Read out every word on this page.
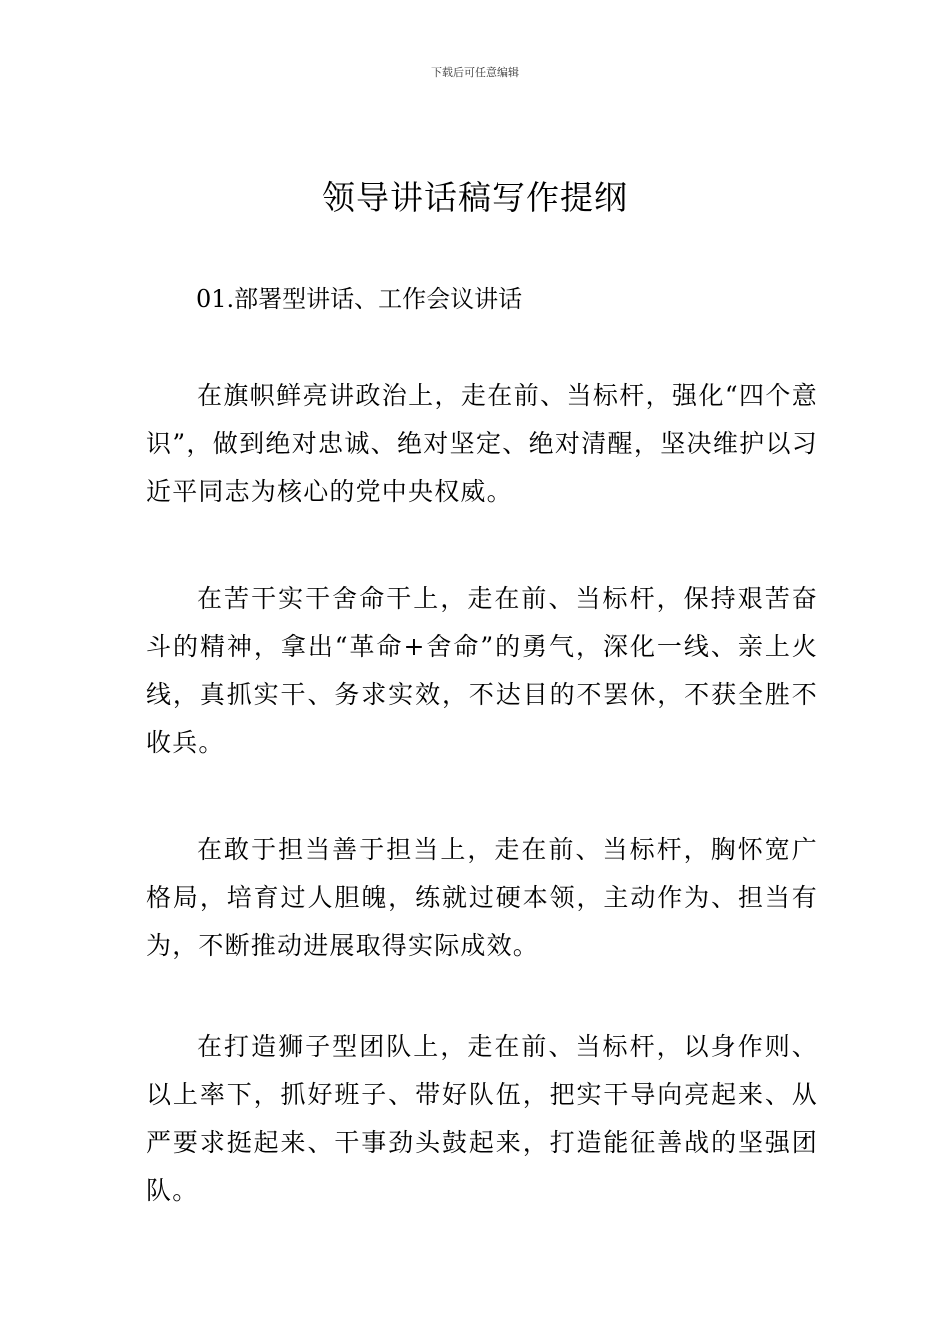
下载后可任意编辑
领导讲话稿写作提纲

01.部署型讲话、工作会议讲话

在旗帜鲜亮讲政治上，走在前、当标杆，强化“四个意识”，做到绝对忠诚、绝对坚定、绝对清醒，坚决维护以习近平同志为核心的党中央权威。

在苦干实干舍命干上，走在前、当标杆，保持艰苦奋斗的精神，拿出“革命+舍命”的勇气，深化一线、亲上火线，真抓实干、务求实效，不达目的不罢休，不获全胜不收兵。

在敢于担当善于担当上，走在前、当标杆，胸怀宽广格局，培育过人胆魄，练就过硬本领，主动作为、担当有为，不断推动进展取得实际成效。

在打造狮子型团队上，走在前、当标杆，以身作则、以上率下，抓好班子、带好队伍，把实干导向亮起来、从严要求挺起来、干事劲头鼓起来，打造能征善战的坚强团队。
